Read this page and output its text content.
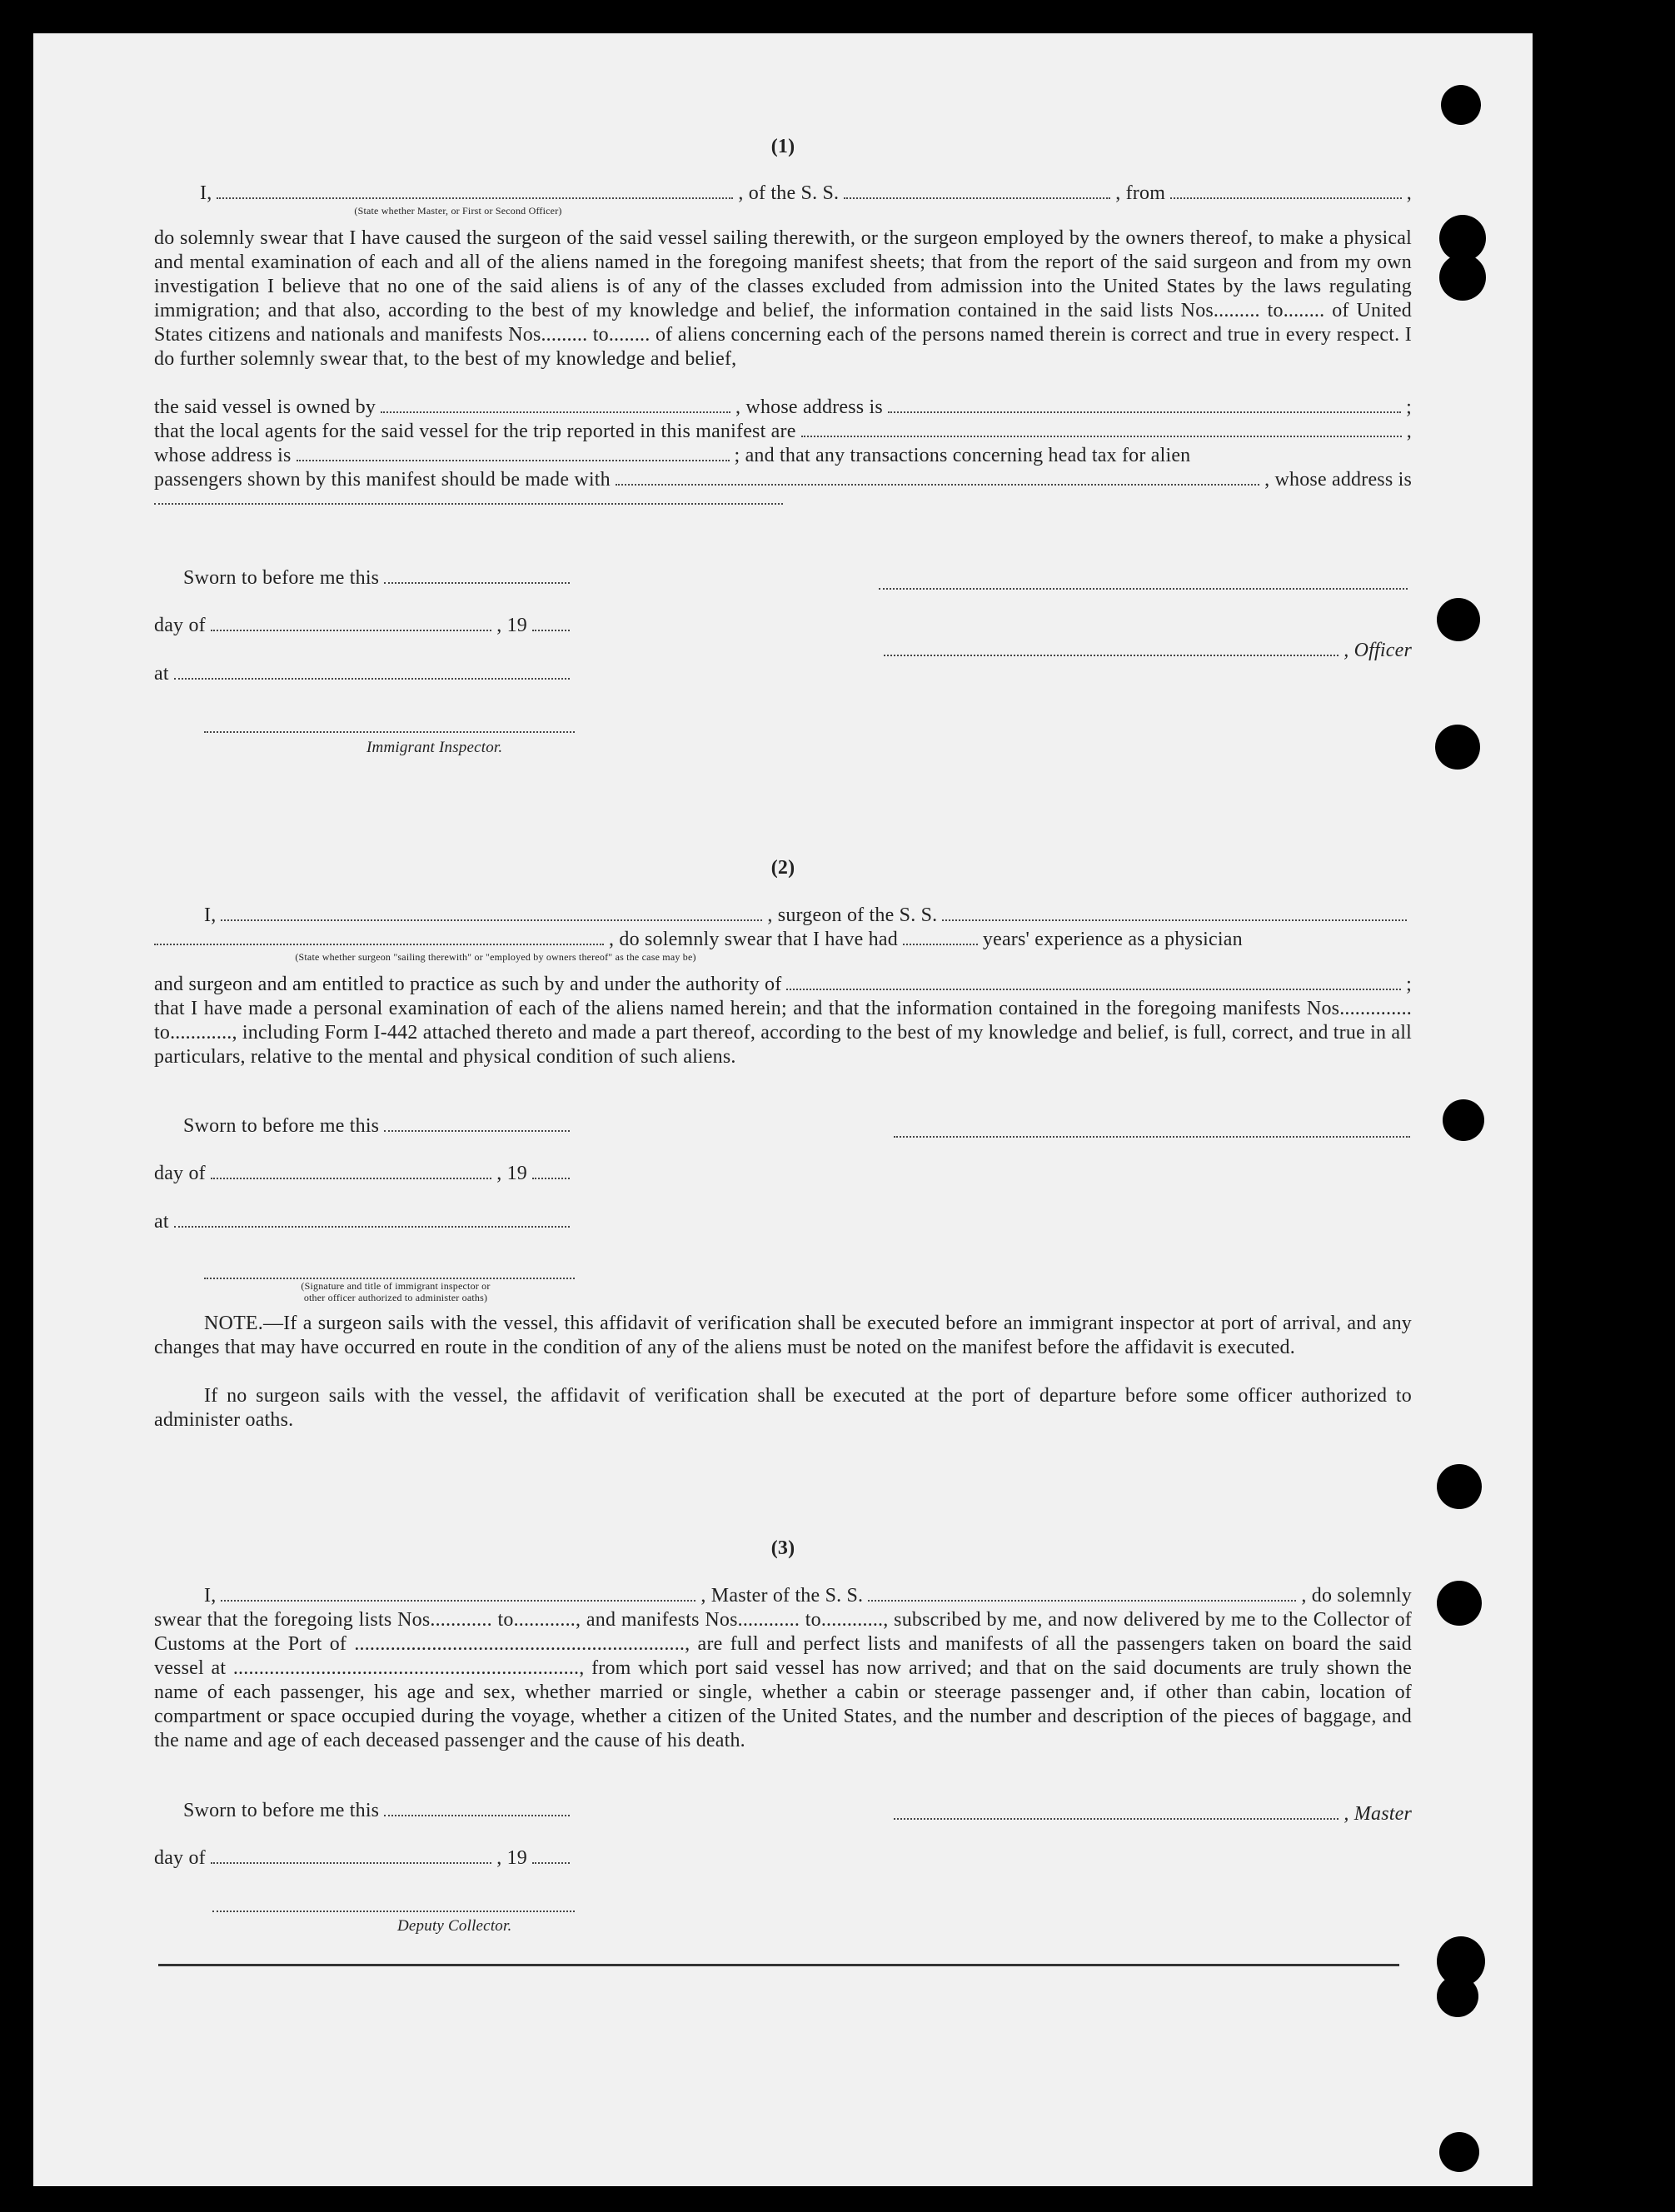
(1)
I,	, of the S. S.	, from	,
(State whether Master, or First or Second Officer)

do solemnly swear that I have caused the surgeon of the said vessel sailing therewith, or the surgeon employed by the owners thereof, to make a physical and mental examination of each and all of the aliens named in the foregoing manifest sheets; that from the report of the said surgeon and from my own investigation I believe that no one of the said aliens is of any of the classes excluded from admission into the United States by the laws regulating immigration; and that also, according to the best of my knowledge and belief, the information contained in the said lists Nos......... to........ of United States citizens and nationals and manifests Nos......... to........ of aliens concerning each of the persons named therein is correct and true in every respect. I do further solemnly swear that, to the best of my knowledge and belief,

the said vessel is owned by	, whose address is	;
that the local agents for the said vessel for the trip reported in this manifest are	,
whose address is	; and that any transactions concerning head tax for alien
passengers shown by this manifest should be made with	, whose address is
Sworn to before me this
day of	, 19
, Officer
at
Immigrant Inspector.
(2)
I,	, surgeon of the S. S.
, do solemnly swear that I have had	years' experience as a physician
(State whether surgeon "sailing therewith" or "employed by owners thereof" as the case may be)
and surgeon and am entitled to practice as such by and under the authority of	;

that I have made a personal examination of each of the aliens named herein; and that the information contained in the foregoing manifests Nos.............. to............, including Form I-442 attached thereto and made a part thereof, according to the best of my knowledge and belief, is full, correct, and true in all particulars, relative to the mental and physical condition of such aliens.

Sworn to before me this
day of	, 19
at
(Signature and title of immigrant inspector or other officer authorized to administer oaths)

NOTE.—If a surgeon sails with the vessel, this affidavit of verification shall be executed before an immigrant inspector at port of arrival, and any changes that may have occurred en route in the condition of any of the aliens must be noted on the manifest before the affidavit is executed.

If no surgeon sails with the vessel, the affidavit of verification shall be executed at the port of departure before some officer authorized to administer oaths.

(3)
I,	, Master of the S. S.	, do solemnly

swear that the foregoing lists Nos............ to............, and manifests Nos............ to............, subscribed by me, and now delivered by me to the Collector of Customs at the Port of ................................................................, are full and perfect lists and manifests of all the passengers taken on board the said vessel at ..................................................................., from which port said vessel has now arrived; and that on the said documents are truly shown the name of each passenger, his age and sex, whether married or single, whether a cabin or steerage passenger and, if other than cabin, location of compartment or space occupied during the voyage, whether a citizen of the United States, and the number and description of the pieces of baggage, and the name and age of each deceased passenger and the cause of his death.

Sworn to before me this	, Master
day of	, 19
Deputy Collector.
